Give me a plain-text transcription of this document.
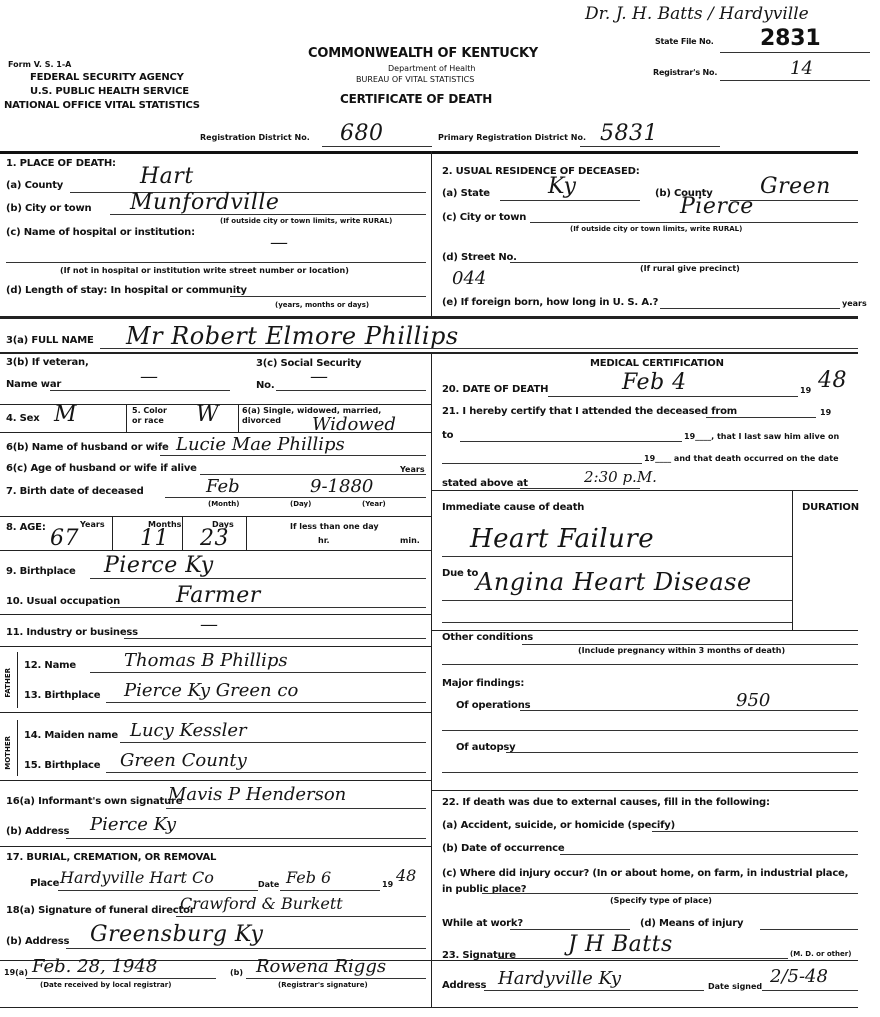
Form V. S. 1-A
FEDERAL SECURITY AGENCY
U.S. PUBLIC HEALTH SERVICE
NATIONAL OFFICE VITAL STATISTICS
COMMONWEALTH OF KENTUCKY
Department of Health
BUREAU OF VITAL STATISTICS
CERTIFICATE OF DEATH
Dr. J. H. Batts / Hardyville
State File No. 2831
Registrar's No.	14
Registration District No. 680	Primary Registration District No. 5831
1. PLACE OF DEATH:
(a) County	Hart
(b) City or town Munfordville
(If outside city or town limits, write RURAL)
(c) Name of hospital or institution:	—
(If not in hospital or institution write street number or location)
(d) Length of stay: In hospital or community
(years, months or days)
2. USUAL RESIDENCE OF DECEASED:
(a) State	Ky	(b) County Green
(c) City or town	Pierce
(If outside city or town limits, write RURAL)
(d) Street No.
044	(If rural give precinct)
(e) If foreign born, how long in U. S. A.?	years
3(a) FULL NAME Mr Robert Elmore Phillips
3(b) If veteran,
Name war	—
3(c) Social Security
No. —
4. Sex M	5. Color or race	W	6(a) Single, widowed, married, divorced	Widowed
6(b) Name of husband or wife Lucie Mae Phillips
6(c) Age of husband or wife if alive	Years
7. Birth date of deceased	Feb	9-1880
(Month)	(Day)	(Year)
8. AGE:	Years
67
Months
11
Days
23	If less than one day
hr.	min.
9. Birthplace Pierce Ky
10. Usual occupation	Farmer
11. Industry or business	—
FATHER
12. Name	Thomas B Phillips
13. Birthplace Pierce Ky Green co
MOTHER
14. Maiden name Lucy Kessler
15. Birthplace Green County
16(a) Informant's own signature
Mavis P Henderson
(b) Address Pierce Ky
17. BURIAL, CREMATION, OR REMOVAL
Place Hardyville Hart Co	Date Feb 6	19 48
18(a) Signature of funeral director
Crawford & Burkett
(b) Address Greensburg Ky
19(a) Feb. 28, 1948
(Date received by local registrar)
(b) Rowena Riggs
(Registrar's signature)
MEDICAL CERTIFICATION
20. DATE OF DEATH	Feb 4	19 48
21. I hereby certify that I attended the deceased from	19
to	19____, that I last saw him alive on
19____ and that death occurred on the date
stated above at	2:30 p.M.
Immediate cause of death	DURATION
Heart Failure
Due to
Angina Heart Disease
Other conditions
(Include pregnancy within 3 months of death)
Major findings:
Of operations	950
Of autopsy
22. If death was due to external causes, fill in the following:
(a) Accident, suicide, or homicide (specify)
(b) Date of occurrence
(c) Where did injury occur? (In or about home, on farm, in industrial place, in public place?
(Specify type of place)
While at work?	(d) Means of injury
23. Signature J H Batts	(M. D. or other)
Address Hardyville Ky	Date signed 2/5-48
